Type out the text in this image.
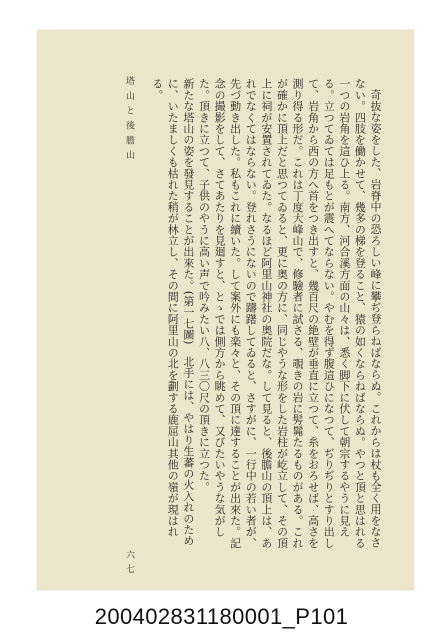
奇抜な姿をした、岩脊中の恐ろしい峰に攀ぢ登らねばならぬ。これからは杖も全く用をなさない。四肢を働かせて、幾多の梯を登ること、猿の如くならねばならぬ。やつと頂と思はれる一つの岩角を這ひ上る。南方、河合溪方面の山々は、悉く脚下に伏して朝宗するやうに見える。立つてゐては足もとが震へてならない。やむを得ず腹這ひになつて、ぢりぢりとすり出して、岩角から西の方へ首をつき出すと、幾百尺の絶壁が垂直に立つて、糸をおろせば、高さを測り得る形だ。これは丁度大峰山で、修驗者に試さる、覗きの岩に髣髴たるものがある。これが確かに頂上だと思つてゐると、更に奥の方に、同じやうな形をした岩柱が屹立して、その頂上に祠が安置されてゐた。なるほど阿里山神社の奥院だな。して見ると、後膽山の頂上は、あれでなくてはならない。登れさうにないので躊躇してゐると、さすがに、一行中の若い者が、先づ動き出した。私もこれに續いた。して案外にも楽々と、その頂に達することが出來た。記念の撮影をして、さてあたりを見廻すと、とゝでは側方から眺めて、又びたいやうな気がした。頂きに立つて、子供のやうに高い声で吟みたい八、八三〇尺の頂きに立つた。

新たな塔山の姿を發見することが出來た。(第一七圖)　北手には、やはり生蕃の火入れのために、いたましくも枯れた稍が林立し、その間に阿里山の北を劃する鹿屈山其他の嶺が現はれる。

塔 山 と 後 膽 山
六 七
200402831180001_P101
